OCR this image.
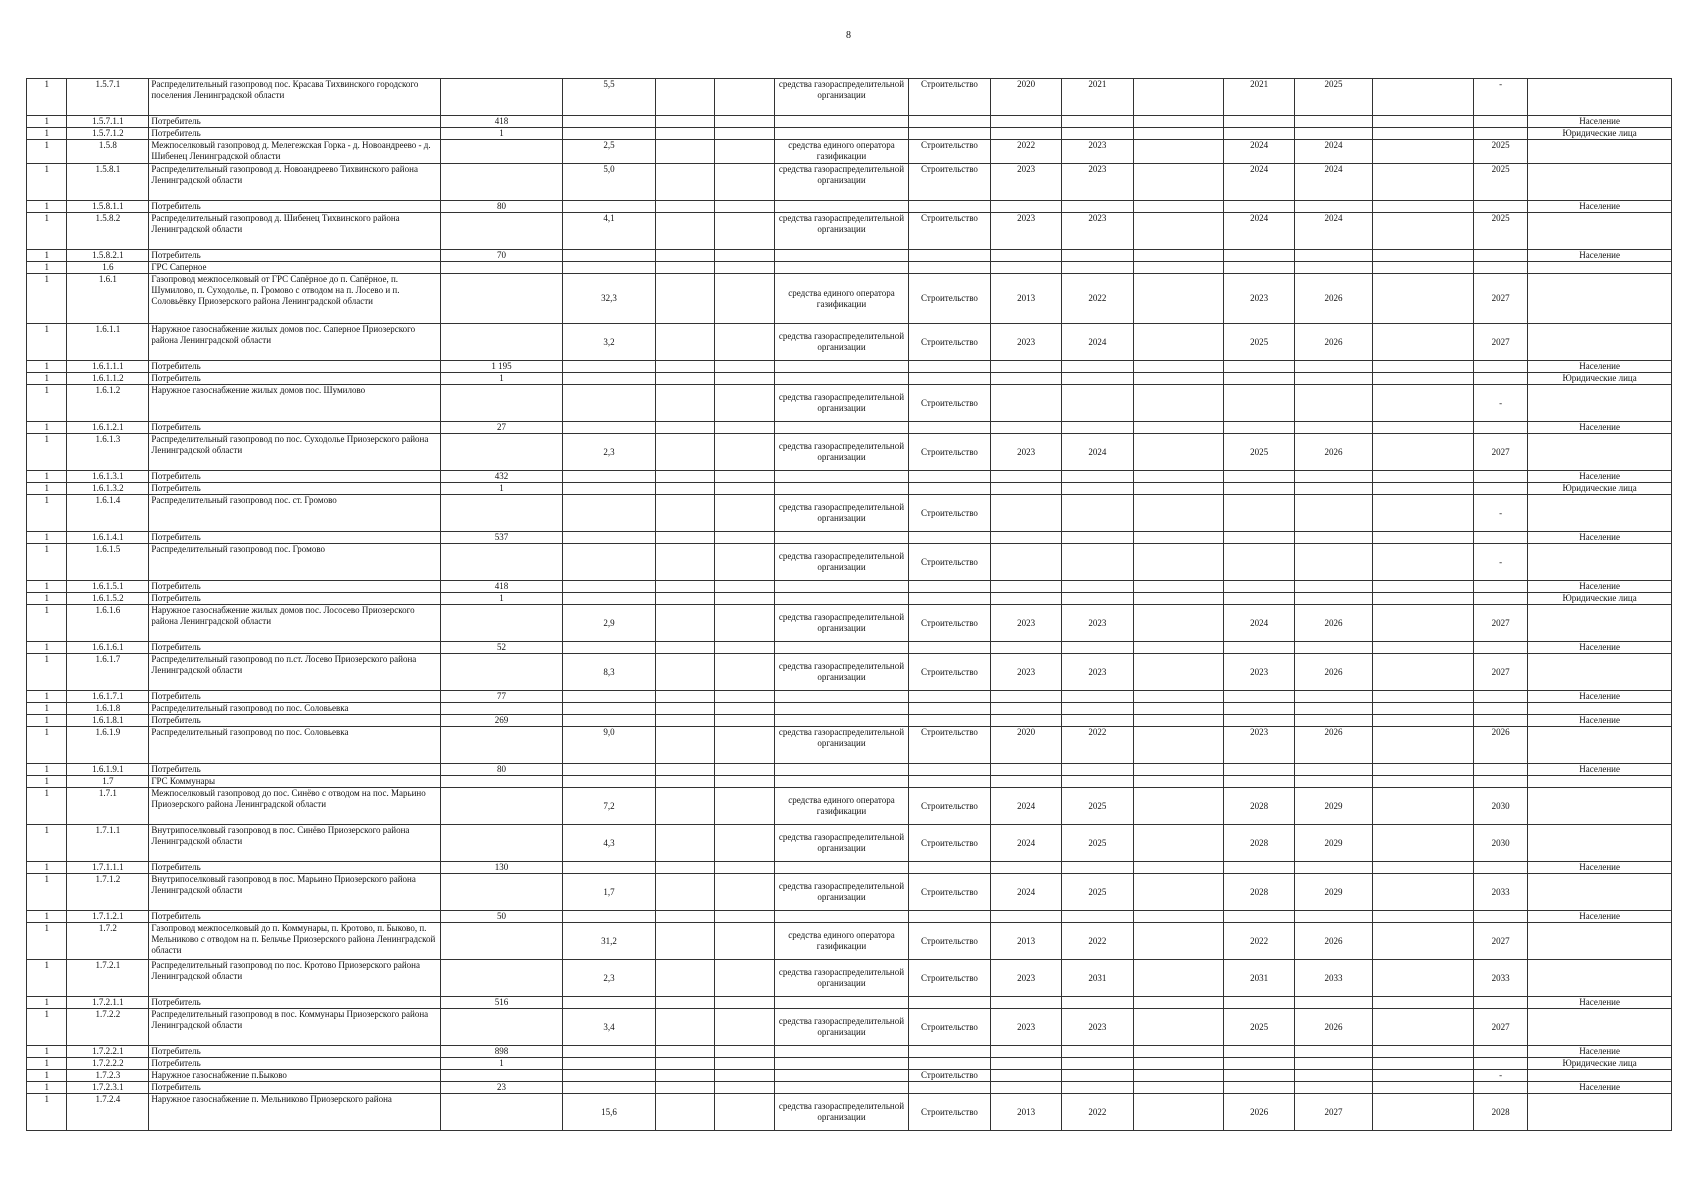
8
1	1.5.7.1	Распределительный газопровод пос. Красава Тихвинского городского поселения Ленинградской области		5,5			средства газораспределительной организации	Строительство	2020	2021		2021	2025		-	
1	1.5.7.1.1	Потребитель	418													Население
1	1.5.7.1.2	Потребитель	1													Юридические лица
1	1.5.8	Межпоселковый газопровод д. Мелегежская Горка - д. Новоандреево - д. Шибенец Ленинградской области		2,5			средства единого оператора газификации	Строительство	2022	2023		2024	2024		2025	
1	1.5.8.1	Распределительный газопровод д. Новоандреево Тихвинского района Ленинградской области		5,0			средства газораспределительной организации	Строительство	2023	2023		2024	2024		2025	
1	1.5.8.1.1	Потребитель	80													Население
1	1.5.8.2	Распределительный газопровод д. Шибенец Тихвинского района Ленинградской области		4,1			средства газораспределительной организации	Строительство	2023	2023		2024	2024		2025	
1	1.5.8.2.1	Потребитель	70													Население
1	1.6	ГРС Саперное														
1	1.6.1	Газопровод межпоселковый от ГРС Сапёрное до п. Сапёрное, п. Шумилово, п. Суходолье, п. Громово с отводом на п. Лосево и п. Соловьёвку Приозерского района Ленинградской области		32,3			средства единого оператора газификации	Строительство	2013	2022		2023	2026		2027	
1	1.6.1.1	Наружное газоснабжение жилых домов пос. Саперное Приозерского района Ленинградской области		3,2			средства газораспределительной организации	Строительство	2023	2024		2025	2026		2027	
1	1.6.1.1.1	Потребитель	1 195													Население
1	1.6.1.1.2	Потребитель	1													Юридические лица
1	1.6.1.2	Наружное газоснабжение жилых домов пос. Шумилово					средства газораспределительной организации	Строительство							-	
1	1.6.1.2.1	Потребитель	27													Население
1	1.6.1.3	Распределительный газопровод по пос. Суходолье Приозерского района Ленинградской области		2,3			средства газораспределительной организации	Строительство	2023	2024		2025	2026		2027	
1	1.6.1.3.1	Потребитель	432													Население
1	1.6.1.3.2	Потребитель	1													Юридические лица
1	1.6.1.4	Распределительный газопровод пос. ст. Громово					средства газораспределительной организации	Строительство							-	
1	1.6.1.4.1	Потребитель	537													Население
1	1.6.1.5	Распределительный газопровод пос. Громово					средства газораспределительной организации	Строительство							-	
1	1.6.1.5.1	Потребитель	418													Население
1	1.6.1.5.2	Потребитель	1													Юридические лица
1	1.6.1.6	Наружное газоснабжение жилых домов пос. Лососево Приозерского района Ленинградской области		2,9			средства газораспределительной организации	Строительство	2023	2023		2024	2026		2027	
1	1.6.1.6.1	Потребитель	52													Население
1	1.6.1.7	Распределительный газопровод по п.ст. Лосево Приозерского района Ленинградской области		8,3			средства газораспределительной организации	Строительство	2023	2023		2023	2026		2027	
1	1.6.1.7.1	Потребитель	77													Население
1	1.6.1.8	Распределительный газопровод по пос. Соловьевка														
1	1.6.1.8.1	Потребитель	269													Население
1	1.6.1.9	Распределительный газопровод по пос. Соловьевка		9,0			средства газораспределительной организации	Строительство	2020	2022		2023	2026		2026	
1	1.6.1.9.1	Потребитель	80													Население
1	1.7	ГРС Коммунары														
1	1.7.1	Межпоселковый газопровод до пос. Синёво с отводом на пос. Марьино Приозерского района Ленинградской области		7,2			средства единого оператора газификации	Строительство	2024	2025		2028	2029		2030	
1	1.7.1.1	Внутрипоселковый газопровод в пос. Синёво Приозерского района Ленинградской области		4,3			средства газораспределительной организации	Строительство	2024	2025		2028	2029		2030	
1	1.7.1.1.1	Потребитель	130													Население
1	1.7.1.2	Внутрипоселковый газопровод в пос. Марьино Приозерского района Ленинградской области		1,7			средства газораспределительной организации	Строительство	2024	2025		2028	2029		2033	
1	1.7.1.2.1	Потребитель	50													Население
1	1.7.2	Газопровод межпоселковый до п. Коммунары, п. Кротово, п. Быково, п. Мельниково с отводом на п. Бельчье Приозерского района Ленинградской области		31,2			средства единого оператора газификации	Строительство	2013	2022		2022	2026		2027	
1	1.7.2.1	Распределительный газопровод по пос. Кротово Приозерского района Ленинградской области		2,3			средства газораспределительной организации	Строительство	2023	2031		2031	2033		2033	
1	1.7.2.1.1	Потребитель	516													Население
1	1.7.2.2	Распределительный газопровод в пос. Коммунары Приозерского района Ленинградской области		3,4			средства газораспределительной организации	Строительство	2023	2023		2025	2026		2027	
1	1.7.2.2.1	Потребитель	898													Население
1	1.7.2.2.2	Потребитель	1													Юридические лица
1	1.7.2.3	Наружное газоснабжение п.Быково						Строительство							-	
1	1.7.2.3.1	Потребитель	23													Население
1	1.7.2.4	Наружное газоснабжение п. Мельниково Приозерского района		15,6			средства газораспределительной организации	Строительство	2013	2022		2026	2027		2028	
